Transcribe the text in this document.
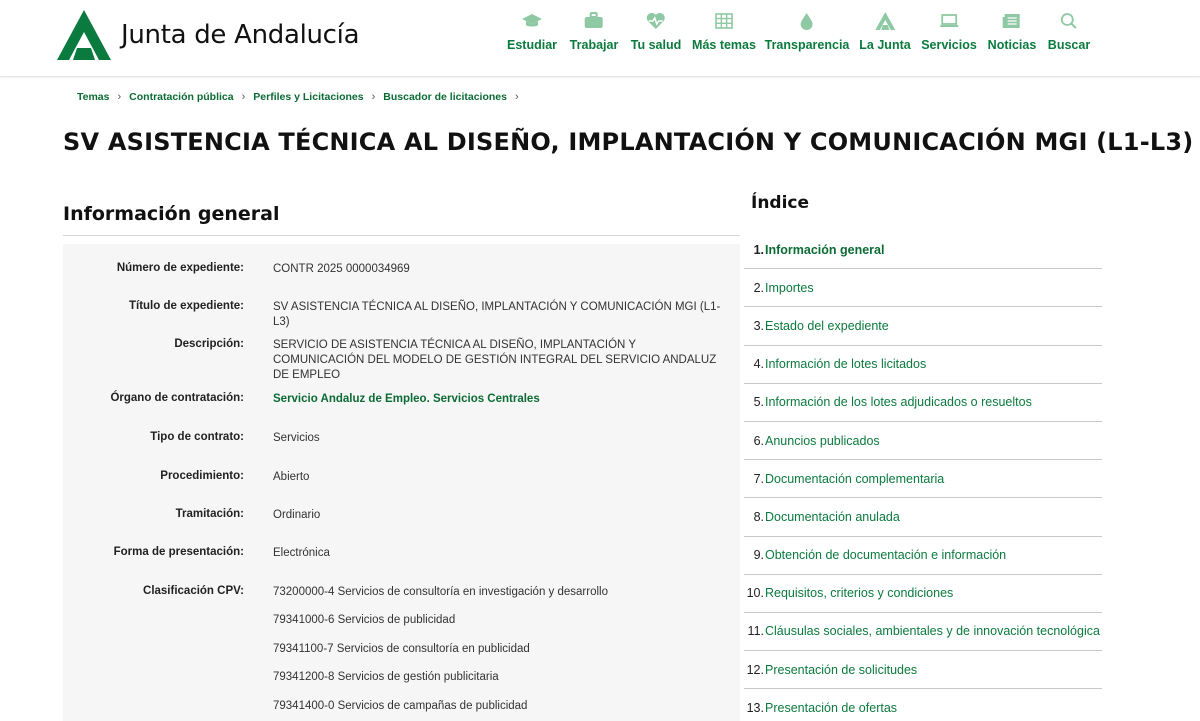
Junta de Andalucía	Estudiar Trabajar Tu salud Más temas Transparencia La Junta Servicios Noticias Buscar
Temas › Contratación pública › Perfiles y Licitaciones › Buscador de licitaciones ›
SV ASISTENCIA TÉCNICA AL DISEÑO, IMPLANTACIÓN Y COMUNICACIÓN MGI (L1-L3)
Información general
Número de expediente:	CONTR 2025 0000034969
Título de expediente:	SV ASISTENCIA TÉCNICA AL DISEÑO, IMPLANTACIÓN Y COMUNICACIÓN MGI (L1-L3)
Descripción:	SERVICIO DE ASISTENCIA TÉCNICA AL DISEÑO, IMPLANTACIÓN Y COMUNICACIÓN DEL MODELO DE GESTIÓN INTEGRAL DEL SERVICIO ANDALUZ DE EMPLEO
Órgano de contratación:	Servicio Andaluz de Empleo. Servicios Centrales
Tipo de contrato:	Servicios
Procedimiento:	Abierto
Tramitación:	Ordinario
Forma de presentación:	Electrónica
Clasificación CPV:	73200000-4 Servicios de consultoría en investigación y desarrollo
79341000-6 Servicios de publicidad
79341100-7 Servicios de consultoría en publicidad
79341200-8 Servicios de gestión publicitaria
79341400-0 Servicios de campañas de publicidad
Índice
1. Información general
2. Importes
3. Estado del expediente
4. Información de lotes licitados
5. Información de los lotes adjudicados o resueltos
6. Anuncios publicados
7. Documentación complementaria
8. Documentación anulada
9. Obtención de documentación e información
10. Requisitos, criterios y condiciones
11. Cláusulas sociales, ambientales y de innovación tecnológica
12. Presentación de solicitudes
13. Presentación de ofertas
